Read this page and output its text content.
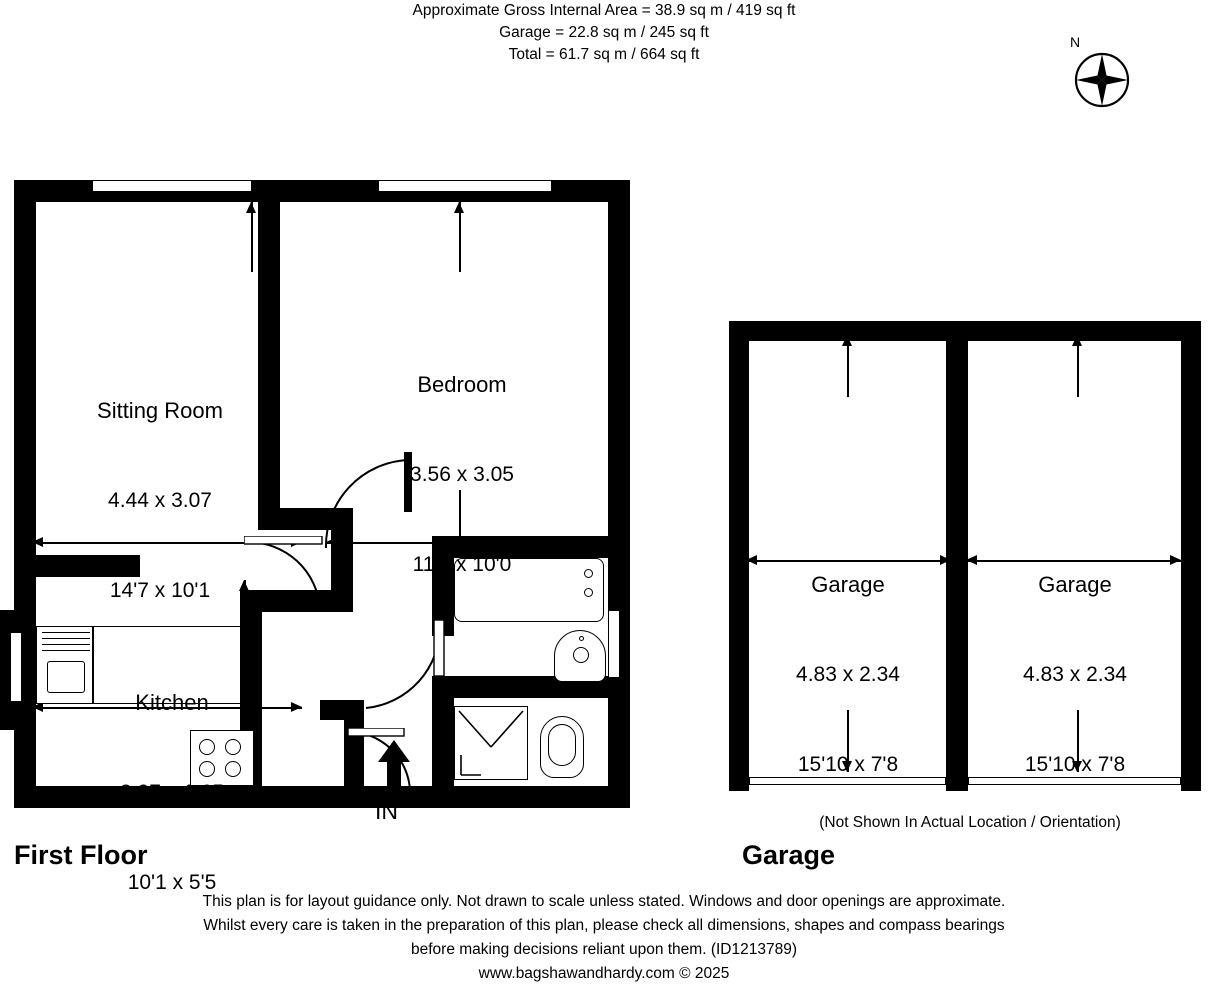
Approximate Gross Internal Area = 38.9 sq m / 419 sq ft
Garage = 22.8 sq m / 245 sq ft
Total = 61.7 sq m / 664 sq ft
N

Sitting Room

4.44 x 3.07

14'7 x 10'1

Bedroom

3.56 x 3.05

11'8 x 10'0

Kitchen

3.07 x 1.65

10'1 x 5'5

IN
First Floor

Garage

4.83 x 2.34

15'10 x 7'8

Garage

4.83 x 2.34

15'10 x 7'8

(Not Shown In Actual Location / Orientation)
Garage
This plan is for layout guidance only. Not drawn to scale unless stated. Windows and door openings are approximate.
Whilst every care is taken in the preparation of this plan, please check all dimensions, shapes and compass bearings
before making decisions reliant upon them. (ID1213789)
www.bagshawandhardy.com © 2025
